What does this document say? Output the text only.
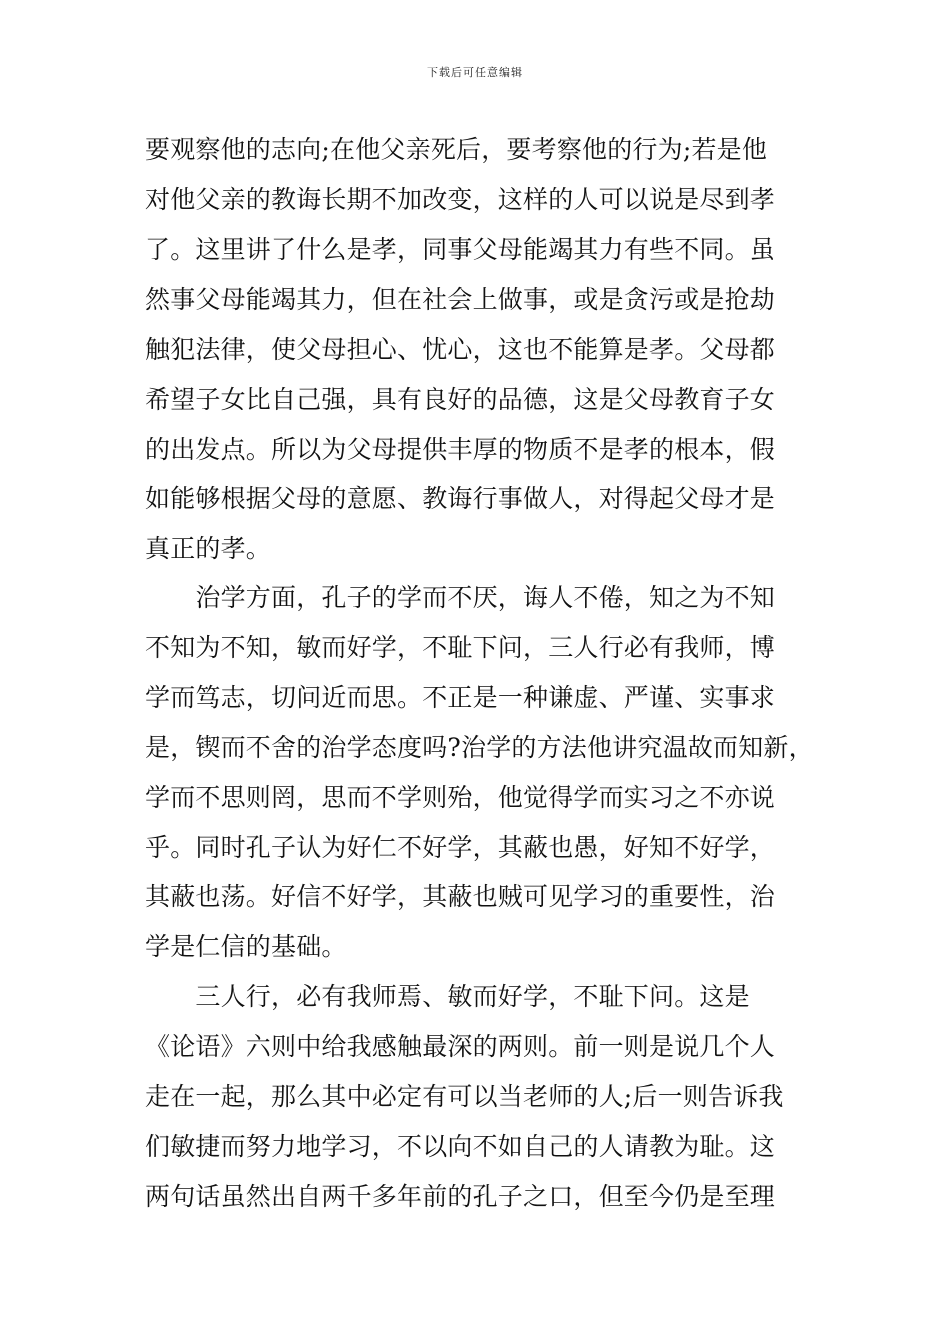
下载后可任意编辑
要观察他的志向;在他父亲死后，要考察他的行为;若是他
对他父亲的教诲长期不加改变，这样的人可以说是尽到孝
了。这里讲了什么是孝，同事父母能竭其力有些不同。虽
然事父母能竭其力，但在社会上做事，或是贪污或是抢劫
触犯法律，使父母担心、忧心，这也不能算是孝。父母都
希望子女比自己强，具有良好的品德，这是父母教育子女
的出发点。所以为父母提供丰厚的物质不是孝的根本，假
如能够根据父母的意愿、教诲行事做人，对得起父母才是
真正的孝。
　　治学方面，孔子的学而不厌，诲人不倦，知之为不知
不知为不知，敏而好学，不耻下问，三人行必有我师，博
学而笃志，切问近而思。不正是一种谦虚、严谨、实事求
是，锲而不舍的治学态度吗?治学的方法他讲究温故而知新，
学而不思则罔，思而不学则殆，他觉得学而实习之不亦说
乎。同时孔子认为好仁不好学，其蔽也愚，好知不好学，
其蔽也荡。好信不好学，其蔽也贼可见学习的重要性，治
学是仁信的基础。
　　三人行，必有我师焉、敏而好学，不耻下问。这是
《论语》六则中给我感触最深的两则。前一则是说几个人
走在一起，那么其中必定有可以当老师的人;后一则告诉我
们敏捷而努力地学习，不以向不如自己的人请教为耻。这
两句话虽然出自两千多年前的孔子之口，但至今仍是至理
